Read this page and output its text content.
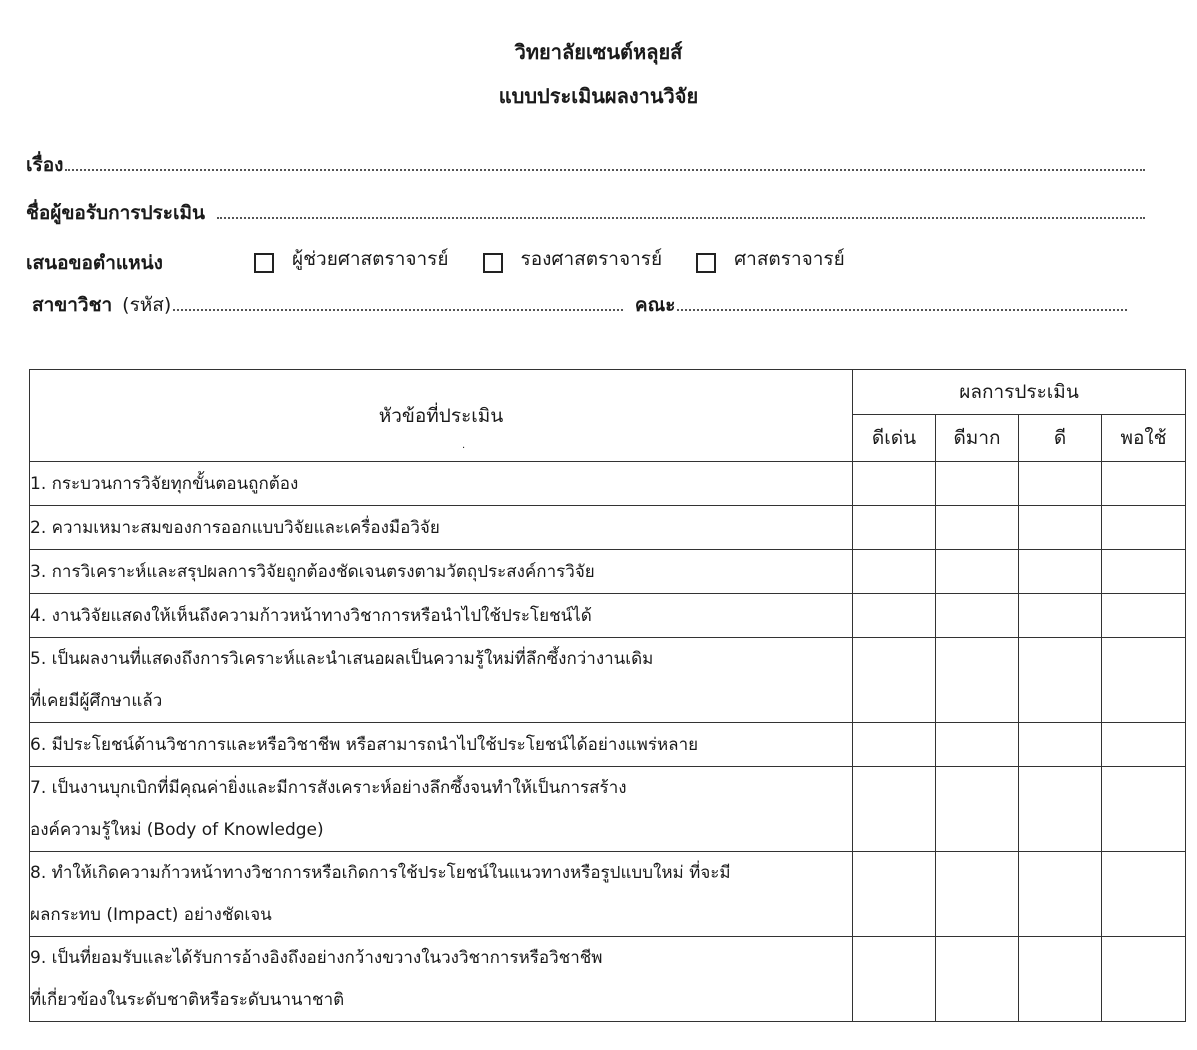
วิทยาลัยเซนต์หลุยส์
แบบประเมินผลงานวิจัย
เรื่อง
ชื่อผู้ขอรับการประเมิน
เสนอขอตำแหน่ง	ผู้ช่วยศาสตราจารย์	รองศาสตราจารย์	ศาสตราจารย์
สาขาวิชา (รหัส)	คณะ
หัวข้อที่ประเมิน
.	ผลการประเมิน			
	ดีเด่น	ดีมาก	ดี	พอใช้

1. กระบวนการวิจัยทุกขั้นตอนถูกต้อง				

2. ความเหมาะสมของการออกแบบวิจัยและเครื่องมือวิจัย				

3. การวิเคราะห์และสรุปผลการวิจัยถูกต้องชัดเจนตรงตามวัตถุประสงค์การวิจัย				

4. งานวิจัยแสดงให้เห็นถึงความก้าวหน้าทางวิชาการหรือนำไปใช้ประโยชน์ได้				

5. เป็นผลงานที่แสดงถึงการวิเคราะห์และนำเสนอผลเป็นความรู้ใหม่ที่ลึกซึ้งกว่างานเดิม
ที่เคยมีผู้ศึกษาแล้ว				

6. มีประโยชน์ด้านวิชาการและหรือวิชาชีพ หรือสามารถนำไปใช้ประโยชน์ได้อย่างแพร่หลาย				

7. เป็นงานบุกเบิกที่มีคุณค่ายิ่งและมีการสังเคราะห์อย่างลึกซึ้งจนทำให้เป็นการสร้าง
องค์ความรู้ใหม่ (Body of Knowledge)				

8. ทำให้เกิดความก้าวหน้าทางวิชาการหรือเกิดการใช้ประโยชน์ในแนวทางหรือรูปแบบใหม่ ที่จะมี
ผลกระทบ (Impact) อย่างชัดเจน				

9. เป็นที่ยอมรับและได้รับการอ้างอิงถึงอย่างกว้างขวางในวงวิชาการหรือวิชาชีพ
ที่เกี่ยวข้องในระดับชาติหรือระดับนานาชาติ				
